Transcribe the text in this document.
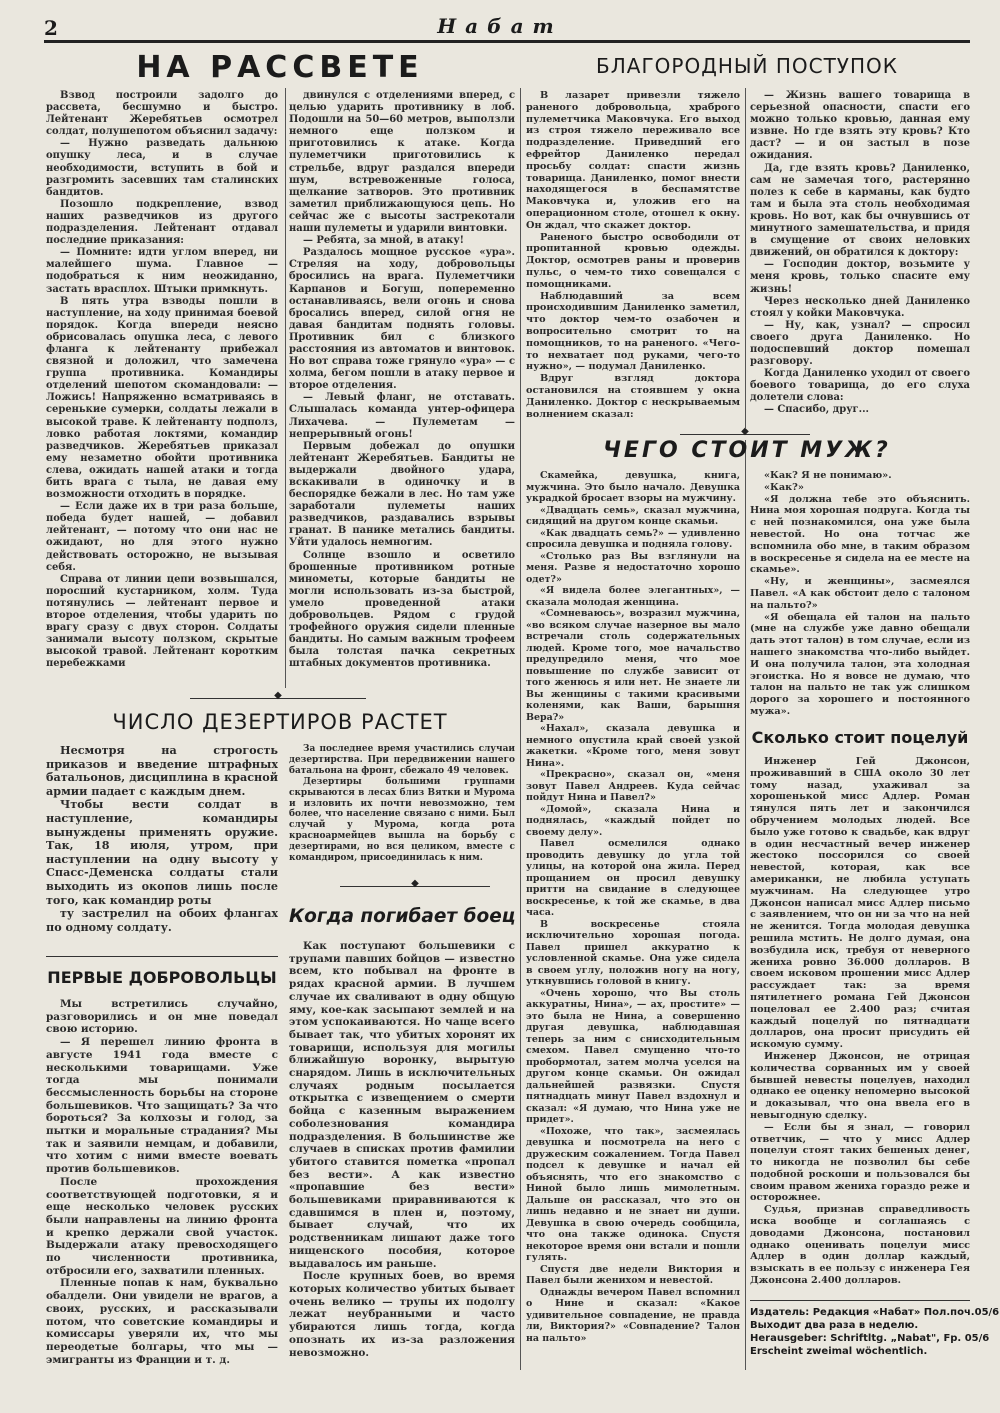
2	Набат
НА РАССВЕТЕ

Взвод построили задолго до рассвета, бесшумно и быстро. Лейтенант Жеребятьев осмотрел солдат, полушепотом объяснил задачу:

— Нужно разведать дальнюю опушку леса, и в случае необходимости, вступить в бой и разгромить засевших там сталинских бандитов.

Позошло подкрепление, взвод наших разведчиков из другого подразделения. Лейтенант отдавал последние приказания:

— Помните: идти углом вперед, ни малейшего шума. Главное — подобраться к ним неожиданно, застать врасплох. Штыки примкнуть.

В пять утра взводы пошли в наступление, на ходу принимая боевой порядок. Когда впереди неясно обрисовалась опушка леса, с левого фланга к лейтенанту прибежал связной и доложил, что замечена группа противника. Командиры отделений шепотом скомандовали: — Ложись! Напряженно всматриваясь в серенькие сумерки, солдаты лежали в высокой траве. К лейтенанту подполз, ловко работая локтями, командир разведчиков. Жеребятьев приказал ему незаметно обойти противника слева, ожидать нашей атаки и тогда бить врага с тыла, не давая ему возможности отходить в порядке.

— Если даже их в три раза больше, победа будет нашей, — добавил лейтенант, — потому что они нас не ожидают, но для этого нужно действовать осторожно, не вызывая себя.

Справа от линии цепи возвышался, поросший кустарником, холм. Туда потянулись — лейтенант первое и второе отделения, чтобы ударить по врагу сразу с двух сторон. Солдаты занимали высоту ползком, скрытые высокой травой. Лейтенант коротким перебежками

двинулся с отделениями вперед, с целью ударить противнику в лоб. Подошли на 50—60 метров, выползли немного еще ползком и приготовились к атаке. Когда пулеметчики приготовились к стрельбе, вдруг раздался впереди шум, встревоженные голоса, щелкание затворов. Это противник заметил приближающуюся цепь. Но сейчас же с высоты застрекотали наши пулеметы и ударили винтовки.

— Ребята, за мной, в атаку!

Раздалось мощное русское «ура». Стреляя на ходу, добровольцы бросились на врага. Пулеметчики Карпанов и Богуш, попеременно останавливаясь, вели огонь и снова бросались вперед, силой огня не давая бандитам поднять головы. Противник бил с близкого расстояния из автоматов и винтовок. Но вот справа тоже грянуло «ура» — с холма, бегом пошли в атаку первое и второе отделения.

— Левый фланг, не отставать. Слышалась команда унтер-офицера Лихачева. — Пулеметам — непрерывный огонь!

Первым добежал до опушки лейтенант Жеребятьев. Бандиты не выдержали двойного удара, вскакивали в одиночку и в беспорядке бежали в лес. Но там уже заработали пулеметы наших разведчиков, раздавались взрывы гранат. В панике метались бандиты. Уйти удалось немногим.

Солнце взошло и осветило брошенные противником ротные минометы, которые бандиты не могли использовать из-за быстрой, умело проведенной атаки добровольцев. Рядом с грудой трофейного оружия сидели пленные бандиты. Но самым важным трофеем была толстая пачка секретных штабных документов противника.

◆
ЧИСЛО ДЕЗЕРТИРОВ РАСТЕТ

Несмотря на строгость приказов и введение штрафных батальонов, дисциплина в красной армии падает с каждым днем.

Чтобы вести солдат в наступление, командиры вынуждены применять оружие. Так, 18 июля, утром, при наступлении на одну высоту у Спасс-Деменска солдаты стали выходить из окопов лишь после того, как командир роты

ту застрелил на обоих флангах по одному солдату.

За последнее время участились случаи дезертирства. При передвижении нашего батальона на фронт, сбежало 49 человек.

Дезертиры большими группами скрываются в лесах близ Вятки и Мурома и изловить их почти невозможно, тем более, что население связано с ними. Был случай у Мурома, когда рота красноармейцев вышла на борьбу с дезертирами, но вся целиком, вместе с командиром, присоединилась к ним.

◆
ПЕРВЫЕ ДОБРОВОЛЬЦЫ

Мы встретились случайно, разговорились и он мне поведал свою историю.

— Я перешел линию фронта в августе 1941 года вместе с несколькими товарищами. Уже тогда мы понимали бессмысленность борьбы на стороне большевиков. Что защищать? За что бороться? За колхозы и голод, за пытки и моральные страдания? Мы так и заявили немцам, и добавили, что хотим с ними вместе воевать против большевиков.

После прохождения соответствующей подготовки, я и еще несколько человек русских были направлены на линию фронта и крепко держали свой участок. Выдержали атаку превосходящего по численности противника, отбросили его, захватили пленных.

Пленные попав к нам, буквально обалдели. Они увидели не врагов, а своих, русских, и рассказывали потом, что советские командиры и комиссары уверяли их, что мы переодетые болгары, что мы — эмигранты из Франции и т. д.

Когда погибает боец

Как поступают большевики с трупами павших бойцов — известно всем, кто побывал на фронте в рядах красной армии. В лучшем случае их сваливают в одну общую яму, кое-как засыпают землей и на этом успокаиваются. Но чаще всего бывает так, что убитых хоронят их товарищи, используя для могилы ближайшую воронку, вырытую снарядом. Лишь в исключительных случаях родным посылается открытка с извещением о смерти бойца с казенным выражением соболезнования командира подразделения. В большинстве же случаев в списках против фамилии убитого ставится пометка «пропал без вести». А как известно «пропавшие без вести» большевиками приравниваются к сдавшимся в плен и, поэтому, бывает случай, что их родственникам лишают даже того нищенского пособия, которое выдавалось им раньше.

После крупных боев, во время которых количество убитых бывает очень велико — трупы их подолгу лежат неубранными и часто убираются лишь тогда, когда опознать их из-за разложения невозможно.

БЛАГОРОДНЫЙ ПОСТУПОК

В лазарет привезли тяжело раненого добровольца, храброго пулеметчика Маковчука. Его выход из строя тяжело переживало все подразделение. Приведший его ефрейтор Даниленко передал просьбу солдат: спасти жизнь товарища. Даниленко, помог внести находящегося в беспамятстве Маковчука и, уложив его на операционном столе, отошел к окну. Он ждал, что скажет доктор.

Раненого быстро освободили от пропитанной кровью одежды. Доктор, осмотрев раны и проверив пульс, о чем-то тихо совещался с помощниками.

Наблюдавший за всем происходившим Даниленко заметил, что доктор чем-то озабочен и вопросительно смотрит то на помощников, то на раненого. «Чего-то нехватает под руками, чего-то нужно», — подумал Даниленко.

Вдруг взгляд доктора остановился на стоявшем у окна Даниленко. Доктор с нескрываемым волнением сказал:

— Жизнь вашего товарища в серьезной опасности, спасти его можно только кровью, данная ему извне. Но где взять эту кровь? Кто даст? — и он застыл в позе ожидания.

Да, где взять кровь? Даниленко, сам не замечая того, растерянно полез к себе в карманы, как будто там и была эта столь необходимая кровь. Но вот, как бы очнувшись от минутного замешательства, и придя в смущение от своих неловких движений, он обратился к доктору:

— Господин доктор, возьмите у меня кровь, только спасите ему жизнь!

Через несколько дней Даниленко стоял у койки Маковчука.

— Ну, как, узнал? — спросил своего друга Даниленко. Но подоспевший доктор помешал разговору.

Когда Даниленко уходил от своего боевого товарища, до его слуха долетели слова:

— Спасибо, друг...

◆
ЧЕГО СТОИТ МУЖ?

Скамейка, девушка, книга, мужчина. Это было начало. Девушка украдкой бросает взоры на мужчину.

«Двадцать семь», сказал мужчина, сидящий на другом конце скамьи.

«Как двадцать семь?» — удивленно спросила девушка и подняла голову.

«Столько раз Вы взглянули на меня. Разве я недостаточно хорошо одет?»

«Я видела более элегантных», — сказала молодая женщина.

«Сомневаюсь», возразил мужчина, «во всяком случае назерное вы мало встречали столь содержательных людей. Кроме того, мое начальство предупредило меня, что мое повышение по службе зависит от того женюсь я или нет. Не знаете ли Вы женщины с такими красивыми коленями, как Ваши, барышня Вера?»

«Нахал», сказала девушка и немного опустила край своей узкой жакетки. «Кроме того, меня зовут Нина».

«Прекрасно», сказал он, «меня зовут Павел Андреев. Куда сейчас пойдут Нина и Павел?»

«Домой», сказала Нина и поднялась, «каждый пойдет по своему делу».

Павел осмелился однако проводить девушку до угла той улицы, на которой она жила. Перед прощанием он просил девушку притти на свидание в следующее воскресенье, к той же скамье, в два часа.

В воскресенье стояла исключительно хорошая погода. Павел пришел аккуратно к условленной скамье. Она уже сидела в своем углу, положив ногу на ногу, уткнувшись головой в книгу.

«Очень хорошо, что Вы столь аккуратны, Нина», — ах, простите» — это была не Нина, а совершенно другая девушка, наблюдавшая теперь за ним с снисходительным смехом. Павел смущенно что-то пробормотал, затем молча уселся на другом конце скамьи. Он ожидал дальнейшей развязки. Спустя пятнадцать минут Павел вздохнул и сказал: «Я думаю, что Нина уже не придет».

«Похоже, что так», засмеялась девушка и посмотрела на него с дружеским сожалением. Тогда Павел подсел к девушке и начал ей объяснять, что его знакомство с Ниной было лишь мимолетным. Дальше он рассказал, что это он лишь недавно и не знает ни души. Девушка в свою очередь сообщила, что она также одинока. Спустя некоторое время они встали и пошли гулять.

Спустя две недели Виктория и Павел были женихом и невестой.

Однажды вечером Павел вспомнил о Нине и сказал: «Какое удивительное совпадение, не правда ли, Виктория?» «Совпадение? Талон на пальто»

«Как? Я не понимаю».

«Как?»

«Я должна тебе это объяснить. Нина моя хорошая подруга. Когда ты с ней познакомился, она уже была невестой. Но она тотчас же вспомнила обо мне, в таким образом в воскресенье я сидела на ее месте на скамье».

«Ну, и женщины», засмеялся Павел. «А как обстоит дело с талоном на пальто?»

«Я обещала ей талон на пальто (мне на службе уже давно обещали дать этот талон) в том случае, если из нашего знакомства что-либо выйдет. И она получила талон, эта холодная эгоистка. Но я вовсе не думаю, что талон на пальто не так уж слишком дорого за хорошего и постоянного мужа».

Сколько стоит поцелуй

Инженер Гей Джонсон, проживавший в США около 30 лет тому назад, ухаживал за хорошенькой мисс Адлер. Роман тянулся пять лет и закончился обручением молодых людей. Все было уже готово к свадьбе, как вдруг в один несчастный вечер инженер жестоко поссорился со своей невестой, которая, как все американки, не любила уступать мужчинам. На следующее утро Джонсон написал мисс Адлер письмо с заявлением, что он ни за что на ней не женится. Тогда молодая девушка решила мстить. Не долго думая, она возбудила иск, требуя от неверного жениха ровно 36.000 долларов. В своем исковом прошении мисс Адлер рассуждает так: за время пятилетнего романа Гей Джонсон поцеловал ее 2.400 раз; считая каждый поцелуй по пятнадцати долларов, она просит присудить ей искомую сумму.

Инженер Джонсон, не отрицая количества сорванных им у своей бывшей невесты поцелуев, находил однако ее оценку непомерно высокой и доказывал, что она ввела его в невыгодную сделку.

— Если бы я знал, — говорил ответчик, — что у мисс Адлер поцелуи стоят таких бешеных денег, то никогда не позволил бы себе подобной роскоши и пользовался бы своим правом жениха гораздо реже и осторожнее.

Судья, признав справедливость иска вообще и соглашаясь с доводами Джонсона, постановил однако оценивать поцелуи мисс Адлер в один доллар каждый, взыскать в ее пользу с инженера Гея Джонсона 2.400 долларов.

Издатель: Редакция «Набат» Пол.поч.05/6
Выходит два раза в неделю.
Herausgeber: Schriftltg. „Nabat", Fp. 05/6
Erscheint zweimal wöchentlich.
